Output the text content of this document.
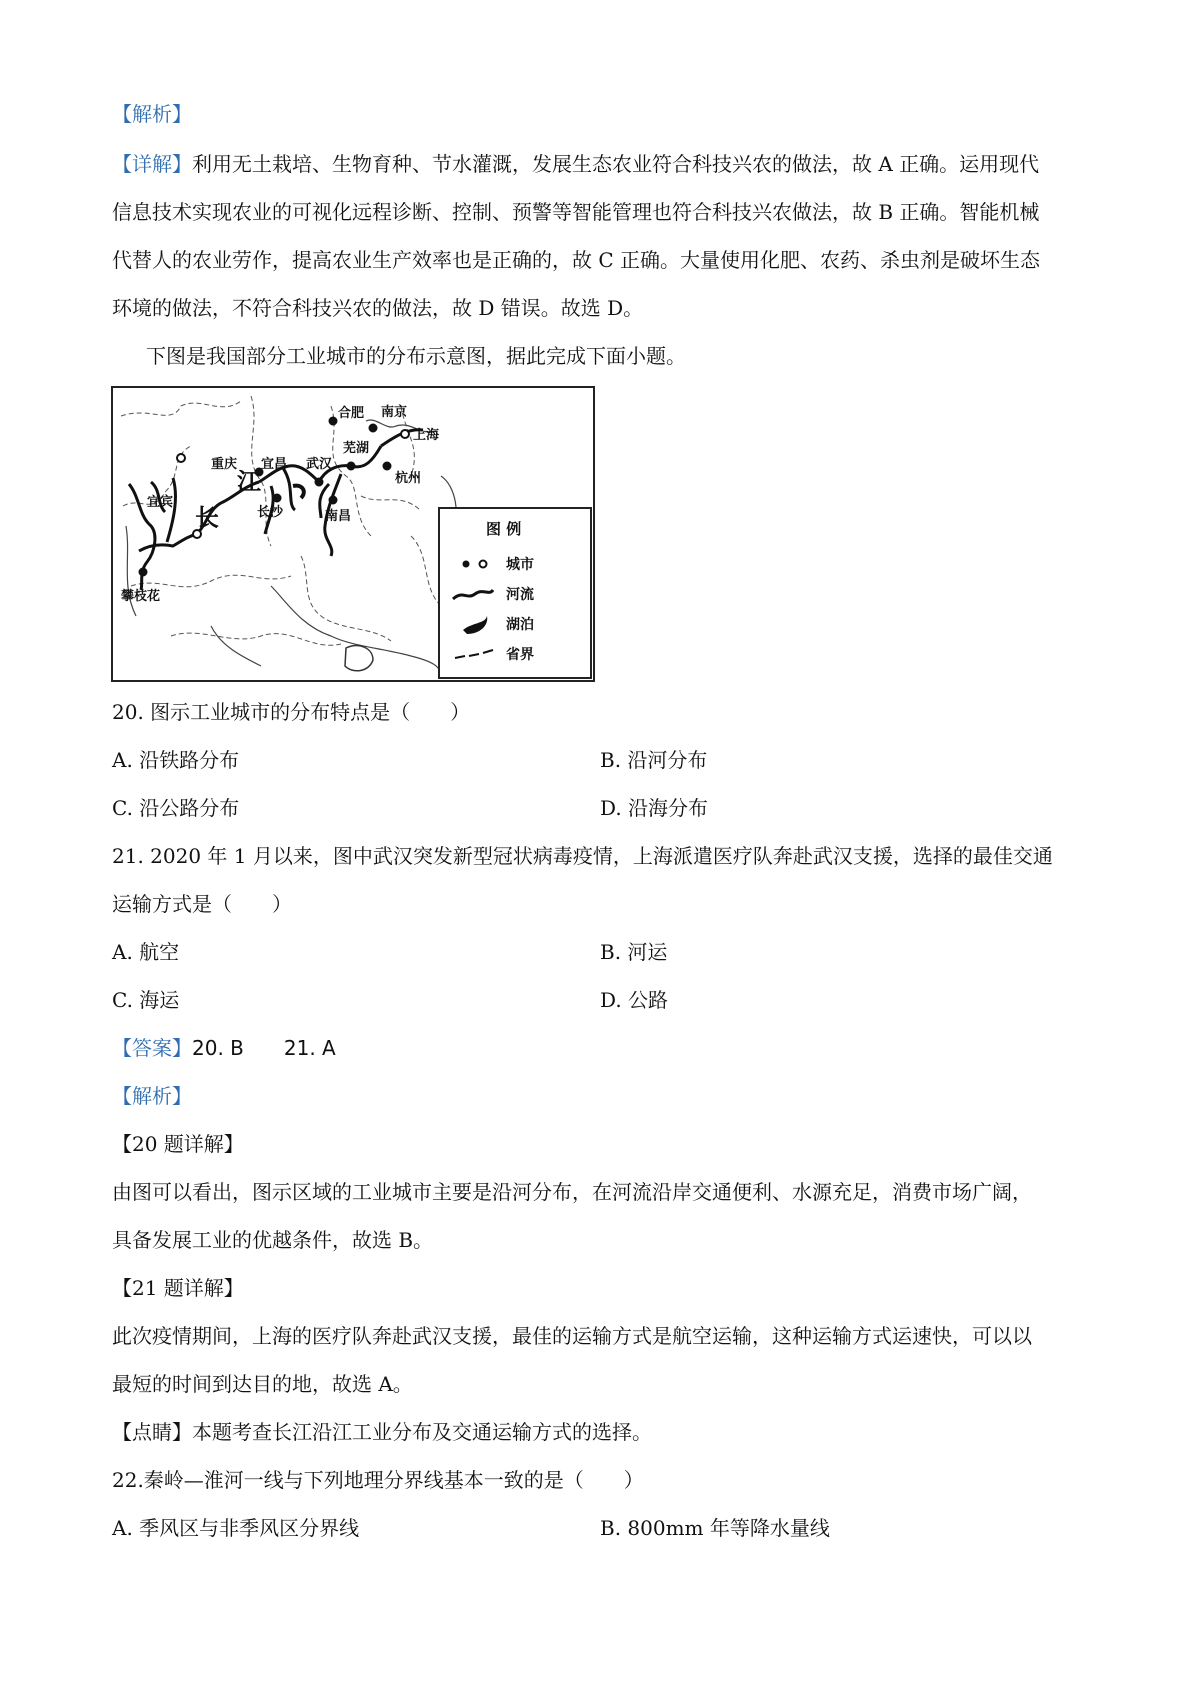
【解析】
【详解】利用无土栽培、生物育种、节水灌溉，发展生态农业符合科技兴农的做法，故 A 正确。运用现代
信息技术实现农业的可视化远程诊断、控制、预警等智能管理也符合科技兴农做法，故 B 正确。智能机械
代替人的农业劳作，提高农业生产效率也是正确的，故 C 正确。大量使用化肥、农药、杀虫剂是破坏生态
环境的做法，不符合科技兴农的做法，故 D 错误。故选 D。
下图是我国部分工业城市的分布示意图，据此完成下面小题。
合肥 南京
上海
宜昌 武汉
芜湖
重庆
杭州
宜宾
长沙	南昌
攀枝花
长
江
图 例
城市
河流
湖泊
省界
20. 图示工业城市的分布特点是（　　）
A. 沿铁路分布	B. 沿河分布
C. 沿公路分布	D. 沿海分布
21. 2020 年 1 月以来，图中武汉突发新型冠状病毒疫情，上海派遣医疗队奔赴武汉支援，选择的最佳交通
运输方式是（　　）
A. 航空	B. 河运
C. 海运	D. 公路
【答案】20. B 21. A
【解析】
【20 题详解】
由图可以看出，图示区域的工业城市主要是沿河分布，在河流沿岸交通便利、水源充足，消费市场广阔，
具备发展工业的优越条件，故选 B。
【21 题详解】
此次疫情期间，上海的医疗队奔赴武汉支援，最佳的运输方式是航空运输，这种运输方式运速快，可以以
最短的时间到达目的地，故选 A。
【点睛】本题考查长江沿江工业分布及交通运输方式的选择。
22.秦岭—淮河一线与下列地理分界线基本一致的是（　　）
A. 季风区与非季风区分界线	B. 800mm 年等降水量线
